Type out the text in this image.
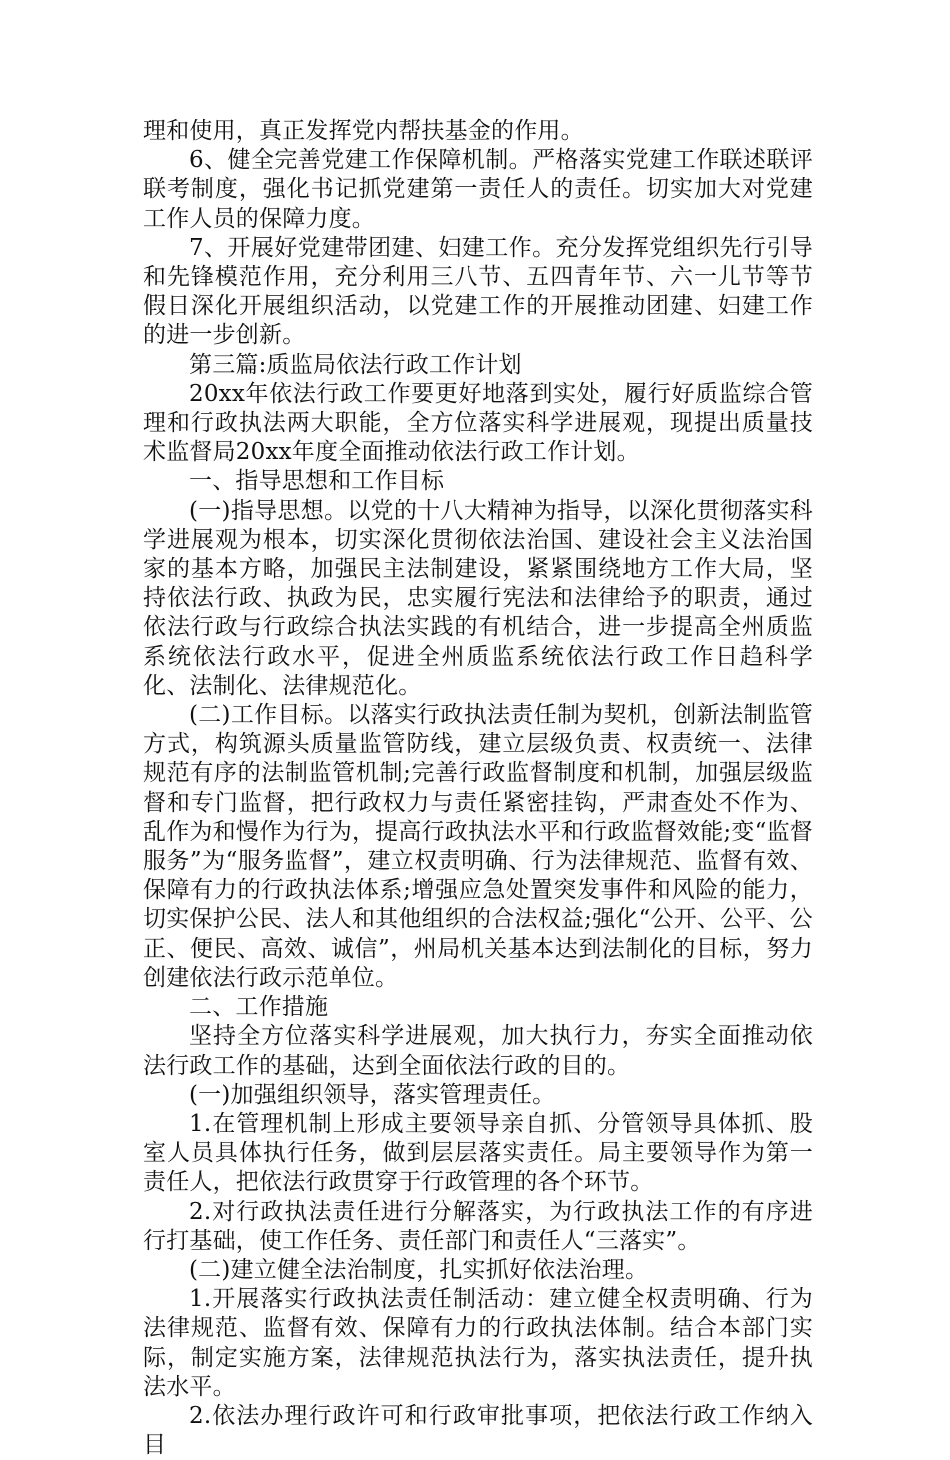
理和使用，真正发挥党内帮扶基金的作用。

6、健全完善党建工作保障机制。严格落实党建工作联述联评联考制度，强化书记抓党建第一责任人的责任。切实加大对党建工作人员的保障力度。

7、开展好党建带团建、妇建工作。充分发挥党组织先行引导和先锋模范作用，充分利用三八节、五四青年节、六一儿节等节假日深化开展组织活动，以党建工作的开展推动团建、妇建工作的进一步创新。

第三篇:质监局依法行政工作计划

20xx年依法行政工作要更好地落到实处，履行好质监综合管理和行政执法两大职能，全方位落实科学进展观，现提出质量技术监督局20xx年度全面推动依法行政工作计划。

一、指导思想和工作目标

(一)指导思想。以党的十八大精神为指导，以深化贯彻落实科学进展观为根本，切实深化贯彻依法治国、建设社会主义法治国家的基本方略，加强民主法制建设，紧紧围绕地方工作大局，坚持依法行政、执政为民，忠实履行宪法和法律给予的职责，通过依法行政与行政综合执法实践的有机结合，进一步提高全州质监系统依法行政水平，促进全州质监系统依法行政工作日趋科学化、法制化、法律规范化。

(二)工作目标。以落实行政执法责任制为契机，创新法制监管方式，构筑源头质量监管防线，建立层级负责、权责统一、法律规范有序的法制监管机制;完善行政监督制度和机制，加强层级监督和专门监督，把行政权力与责任紧密挂钩，严肃查处不作为、乱作为和慢作为行为，提高行政执法水平和行政监督效能;变“监督服务”为“服务监督”，建立权责明确、行为法律规范、监督有效、保障有力的行政执法体系;增强应急处置突发事件和风险的能力，切实保护公民、法人和其他组织的合法权益;强化“公开、公平、公正、便民、高效、诚信”，州局机关基本达到法制化的目标，努力创建依法行政示范单位。

二、工作措施

坚持全方位落实科学进展观，加大执行力，夯实全面推动依法行政工作的基础，达到全面依法行政的目的。

(一)加强组织领导，落实管理责任。

1.在管理机制上形成主要领导亲自抓、分管领导具体抓、股室人员具体执行任务，做到层层落实责任。局主要领导作为第一责任人，把依法行政贯穿于行政管理的各个环节。

2.对行政执法责任进行分解落实，为行政执法工作的有序进行打基础，使工作任务、责任部门和责任人“三落实”。

(二)建立健全法治制度，扎实抓好依法治理。

1.开展落实行政执法责任制活动：建立健全权责明确、行为法律规范、监督有效、保障有力的行政执法体制。结合本部门实际，制定实施方案，法律规范执法行为，落实执法责任，提升执法水平。

2.依法办理行政许可和行政审批事项，把依法行政工作纳入目
